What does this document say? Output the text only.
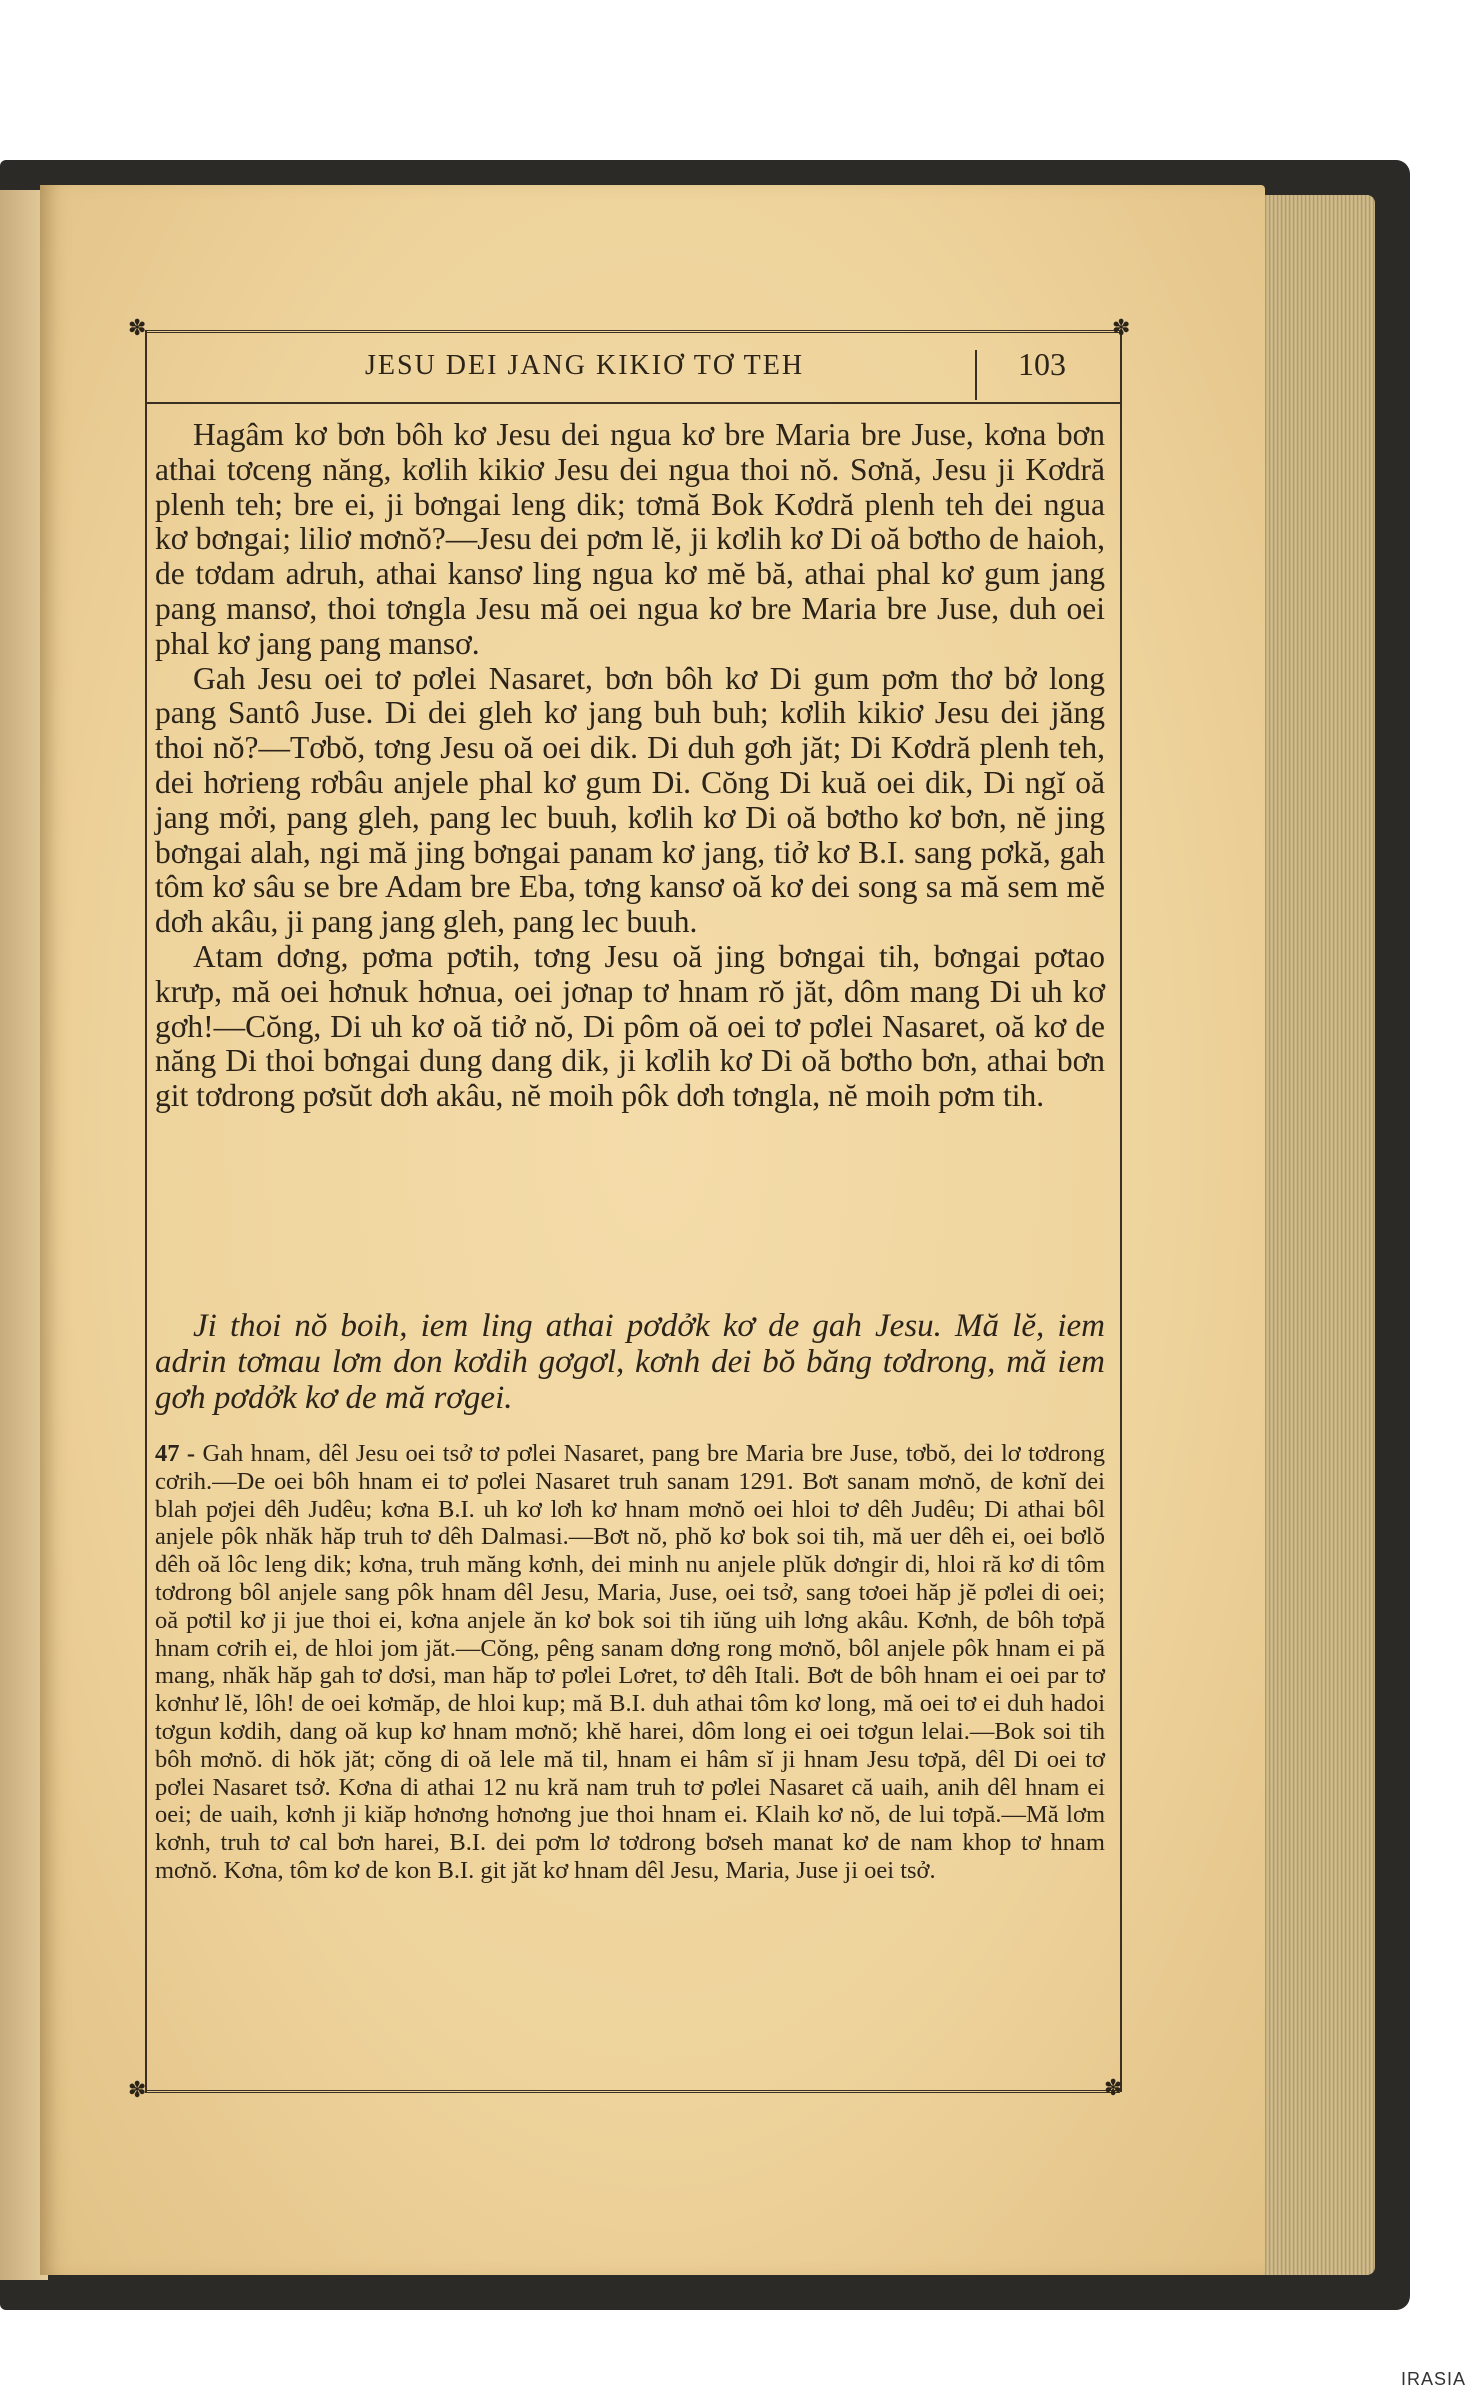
✽	✽
✽	✽
JESU DEI JANG KIKIƠ TƠ TEH	103

Hagâm kơ bơn bôh kơ Jesu dei ngua kơ bre Maria bre Juse, kơna bơn athai tơceng năng, kơlih kikiơ Jesu dei ngua thoi nŏ. Sơnă, Jesu ji Kơdră plenh teh; bre ei, ji bơngai leng dik; tơmă Bok Kơdră plenh teh dei ngua kơ bơngai; liliơ mơnŏ?—Jesu dei pơm lĕ, ji kơlih kơ Di oă bơtho de haioh, de tơdam adruh, athai kansơ ling ngua kơ mĕ bă, athai phal kơ gum jang pang mansơ, thoi tơngla Jesu mă oei ngua kơ bre Maria bre Juse, duh oei phal kơ jang pang mansơ.

Gah Jesu oei tơ pơlei Nasaret, bơn bôh kơ Di gum pơm thơ bở long pang Santô Juse. Di dei gleh kơ jang buh buh; kơlih kikiơ Jesu dei jăng thoi nŏ?—Tơbŏ, tơng Jesu oă oei dik. Di duh gơh jăt; Di Kơdră plenh teh, dei hơrieng rơbâu anjele phal kơ gum Di. Cŏng Di kuă oei dik, Di ngĭ oă jang mởi, pang gleh, pang lec buuh, kơlih kơ Di oă bơtho kơ bơn, nĕ jing bơngai alah, ngi mă jing bơngai panam kơ jang, tiở kơ B.I. sang pơkă, gah tôm kơ sâu se bre Adam bre Eba, tơng kansơ oă kơ dei song sa mă sem mĕ dơh akâu, ji pang jang gleh, pang lec buuh.

Atam dơng, pơma pơtih, tơng Jesu oă jing bơngai tih, bơngai pơtao krưp, mă oei hơnuk hơnua, oei jơnap tơ hnam rŏ jăt, dôm mang Di uh kơ gơh!—Cŏng, Di uh kơ oă tiở nŏ, Di pôm oă oei tơ pơlei Nasaret, oă kơ de năng Di thoi bơngai dung dang dik, ji kơlih kơ Di oă bơtho bơn, athai bơn git tơdrong pơsŭt dơh akâu, nĕ moih pôk dơh tơngla, nĕ moih pơm tih.

Ji thoi nŏ boih, iem ling athai pơdởk kơ de gah Jesu. Mă lĕ, iem adrin tơmau lơm don kơdih gơgơl, kơnh dei bŏ băng tơdrong, mă iem gơh pơdởk kơ de mă rơgei.

47 - Gah hnam, dêl Jesu oei tsở tơ pơlei Nasaret, pang bre Maria bre Juse, tơbŏ, dei lơ tơdrong cơrih.—De oei bôh hnam ei tơ pơlei Nasaret truh sanam 1291. Bơt sanam mơnŏ, de kơnĭ dei blah pơjei dêh Judêu; kơna B.I. uh kơ lơh kơ hnam mơnŏ oei hloi tơ dêh Judêu; Di athai bôl anjele pôk nhăk hăp truh tơ dêh Dalmasi.—Bơt nŏ, phŏ kơ bok soi tih, mă uer dêh ei, oei bơlŏ dêh oă lôc leng dik; kơna, truh măng kơnh, dei minh nu anjele plŭk dơngir di, hloi ră kơ di tôm tơdrong bôl anjele sang pôk hnam dêl Jesu, Maria, Juse, oei tsở, sang tơoei hăp jĕ pơlei di oei; oă pơtil kơ ji jue thoi ei, kơna anjele ăn kơ bok soi tih iŭng uih lơng akâu. Kơnh, de bôh tơpă hnam cơrih ei, de hloi jom jăt.—Cŏng, pêng sanam dơng rong mơnŏ, bôl anjele pôk hnam ei pă mang, nhăk hăp gah tơ dơsi, man hăp tơ pơlei Lơret, tơ dêh Itali. Bơt de bôh hnam ei oei par tơ kơnhư lĕ, lôh! de oei kơmăp, de hloi kup; mă B.I. duh athai tôm kơ long, mă oei tơ ei duh hadoi tơgun kơdih, dang oă kup kơ hnam mơnŏ; khĕ harei, dôm long ei oei tơgun lelai.—Bok soi tih bôh mơnŏ. di hŏk jăt; cŏng di oă lele mă til, hnam ei hâm sĭ ji hnam Jesu tơpă, dêl Di oei tơ pơlei Nasaret tsở. Kơna di athai 12 nu kră nam truh tơ pơlei Nasaret că uaih, anih dêl hnam ei oei; de uaih, kơnh ji kiăp hơnơng hơnơng jue thoi hnam ei. Klaih kơ nŏ, de lui tơpă.—Mă lơm kơnh, truh tơ cal bơn harei, B.I. dei pơm lơ tơdrong bơseh manat kơ de nam khop tơ hnam mơnŏ. Kơna, tôm kơ de kon B.I. git jăt kơ hnam dêl Jesu, Maria, Juse ji oei tsở.

IRASIA
